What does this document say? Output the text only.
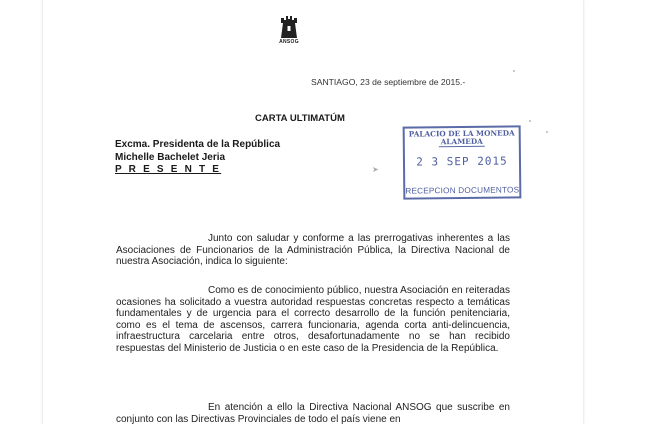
ANSOG
SANTIAGO, 23 de septiembre de 2015.-
CARTA ULTIMATÚM
Excma. Presidenta de la República
Michelle Bachelet Jeria
P R E S E N T E
PALACIO DE LA MONEDA
ALAMEDA
2 3 SEP 2015
RECEPCION DOCUMENTOS
➤
Junto con saludar y conforme a las prerrogativas inherentes a las Asociaciones de Funcionarios de la Administración Pública, la Directiva Nacional de nuestra Asociación, indica lo siguiente:
Como es de conocimiento público, nuestra Asociación en reiteradas ocasiones ha solicitado a vuestra autoridad respuestas concretas respecto a temáticas fundamentales y de urgencia para el correcto desarrollo de la función penitenciaria, como es el tema de ascensos, carrera funcionaria, agenda corta anti-delincuencia, infraestructura carcelaria entre otros, desafortunadamente no se han recibido respuestas del Ministerio de Justicia o en este caso de la Presidencia de la República.
En atención a ello la Directiva Nacional ANSOG que suscribe en conjunto con las Directivas Provinciales de todo el país viene en
